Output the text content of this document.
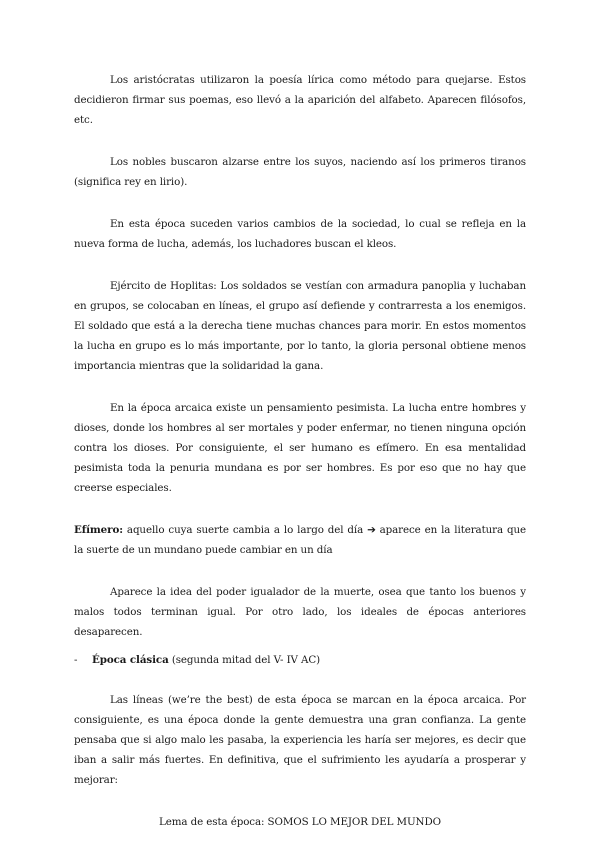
Los aristócratas utilizaron la poesía lírica como método para quejarse. Estos decidieron firmar sus poemas, eso llevó a la aparición del alfabeto. Aparecen filósofos, etc.

Los nobles buscaron alzarse entre los suyos, naciendo así los primeros tiranos (significa rey en lirio).

En esta época suceden varios cambios de la sociedad, lo cual se refleja en la nueva forma de lucha, además, los luchadores buscan el kleos.

Ejército de Hoplitas: Los soldados se vestían con armadura panoplia y luchaban en grupos, se colocaban en líneas, el grupo así defiende y contrarresta a los enemigos. El soldado que está a la derecha tiene muchas chances para morir. En estos momentos la lucha en grupo es lo más importante, por lo tanto, la gloria personal obtiene menos importancia mientras que la solidaridad la gana.

En la época arcaica existe un pensamiento pesimista. La lucha entre hombres y dioses, donde los hombres al ser mortales y poder enfermar, no tienen ninguna opción contra los dioses. Por consiguiente, el ser humano es efímero. En esa mentalidad pesimista toda la penuria mundana es por ser hombres. Es por eso que no hay que creerse especiales.

Efímero: aquello cuya suerte cambia a lo largo del día ➔ aparece en la literatura que la suerte de un mundano puede cambiar en un día

Aparece la idea del poder igualador de la muerte, osea que tanto los buenos y malos todos terminan igual. Por otro lado, los ideales de épocas anteriores desaparecen.

-	Época clásica (segunda mitad del V- IV AC)

Las líneas (we’re the best) de esta época se marcan en la época arcaica. Por consiguiente, es una época donde la gente demuestra una gran confianza. La gente pensaba que si algo malo les pasaba, la experiencia les haría ser mejores, es decir que iban a salir más fuertes. En definitiva, que el sufrimiento les ayudaría a prosperar y mejorar:

Lema de esta época: SOMOS LO MEJOR DEL MUNDO
